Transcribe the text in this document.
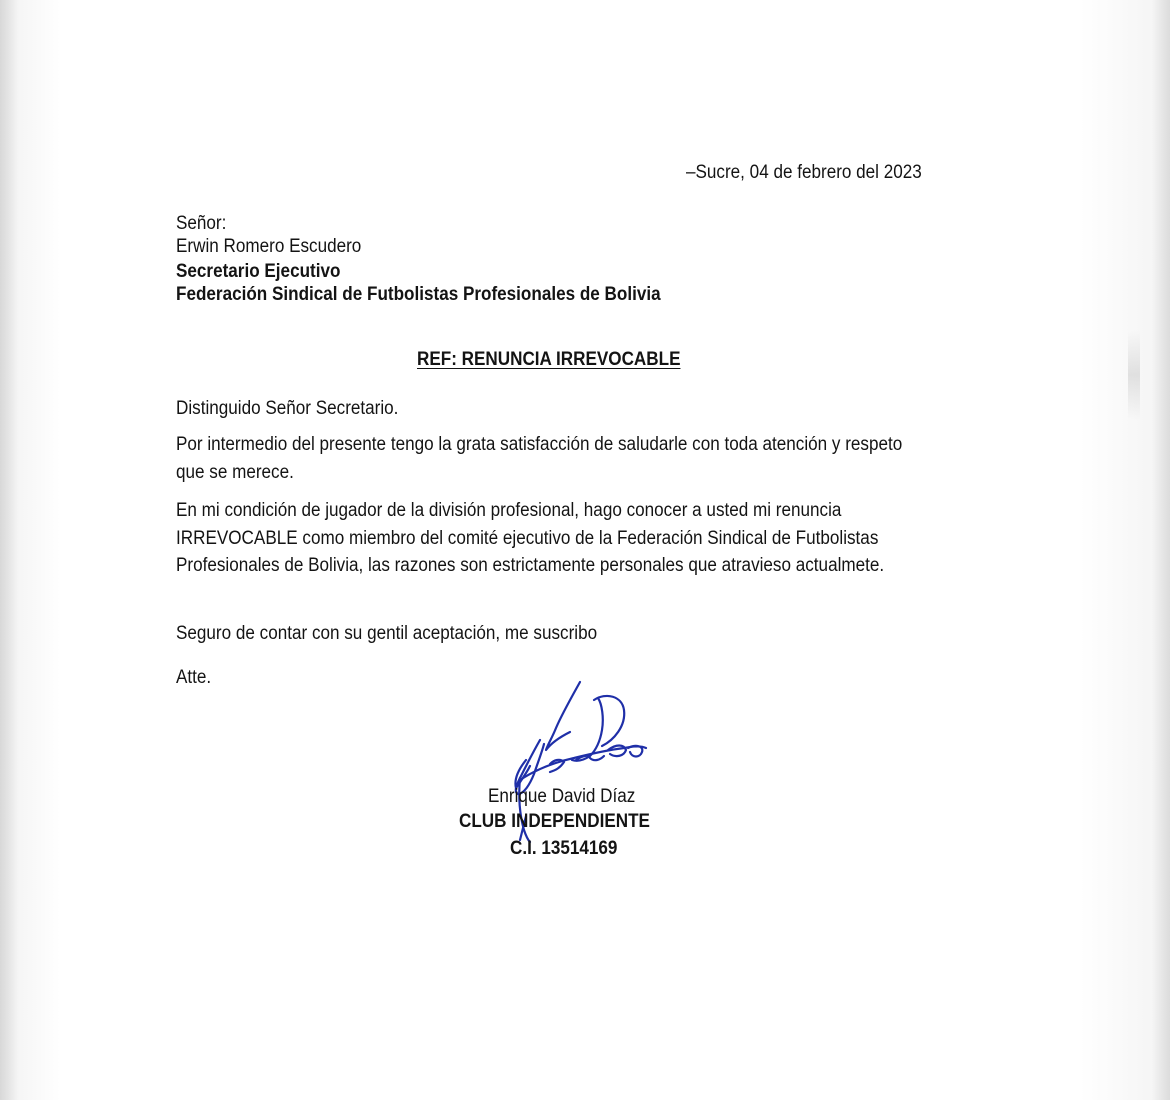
–Sucre, 04 de febrero del 2023
Señor:
Erwin Romero Escudero
Secretario Ejecutivo
Federación Sindical de Futbolistas Profesionales de Bolivia
REF: RENUNCIA IRREVOCABLE
Distinguido Señor Secretario.
Por intermedio del presente tengo la grata satisfacción de saludarle con toda atención y respeto que se merece.
En mi condición de jugador de la división profesional, hago conocer a usted mi renuncia IRREVOCABLE como miembro del comité ejecutivo de la Federación Sindical de Futbolistas Profesionales de Bolivia, las razones son estrictamente personales que atravieso actualmete.
Seguro de contar con su gentil aceptación, me suscribo
Atte.
Enrique David Díaz
CLUB INDEPENDIENTE
C.I. 13514169
